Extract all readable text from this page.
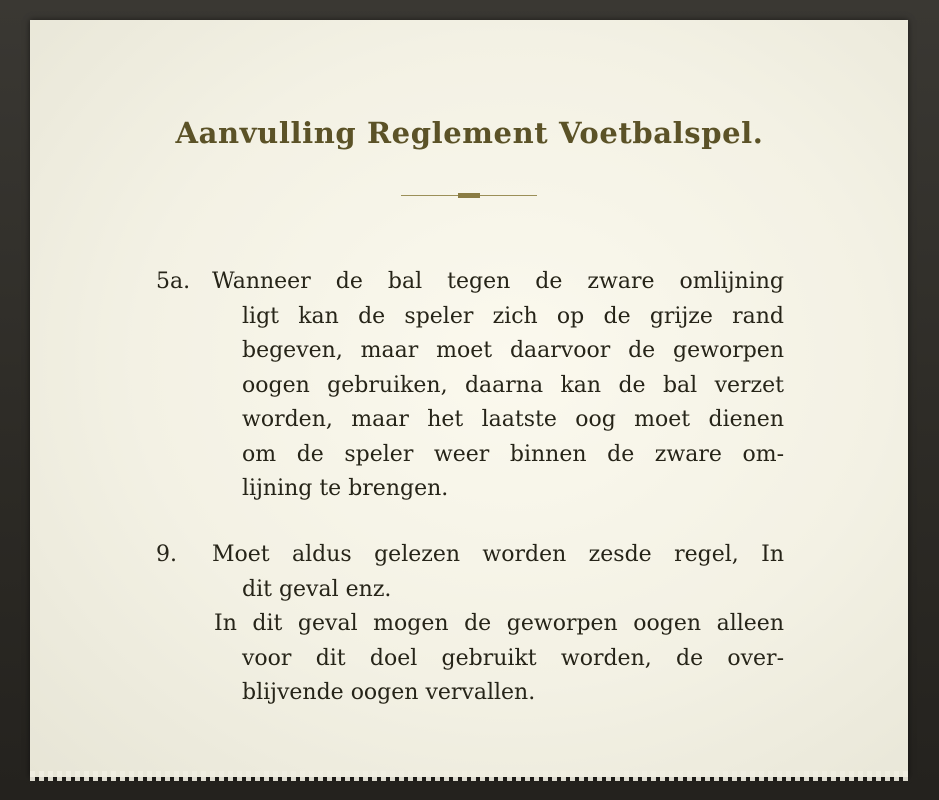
Aanvulling Reglement Voetbalspel.
5a. Wanneer de bal tegen de zware omlijning
ligt kan de speler zich op de grijze rand
begeven, maar moet daarvoor de geworpen
oogen gebruiken, daarna kan de bal verzet
worden, maar het laatste oog moet dienen
om de speler weer binnen de zware om-
lijning te brengen.
9. Moet aldus gelezen worden zesde regel, In
dit geval enz.
In dit geval mogen de geworpen oogen alleen
voor dit doel gebruikt worden, de over-
blijvende oogen vervallen.
